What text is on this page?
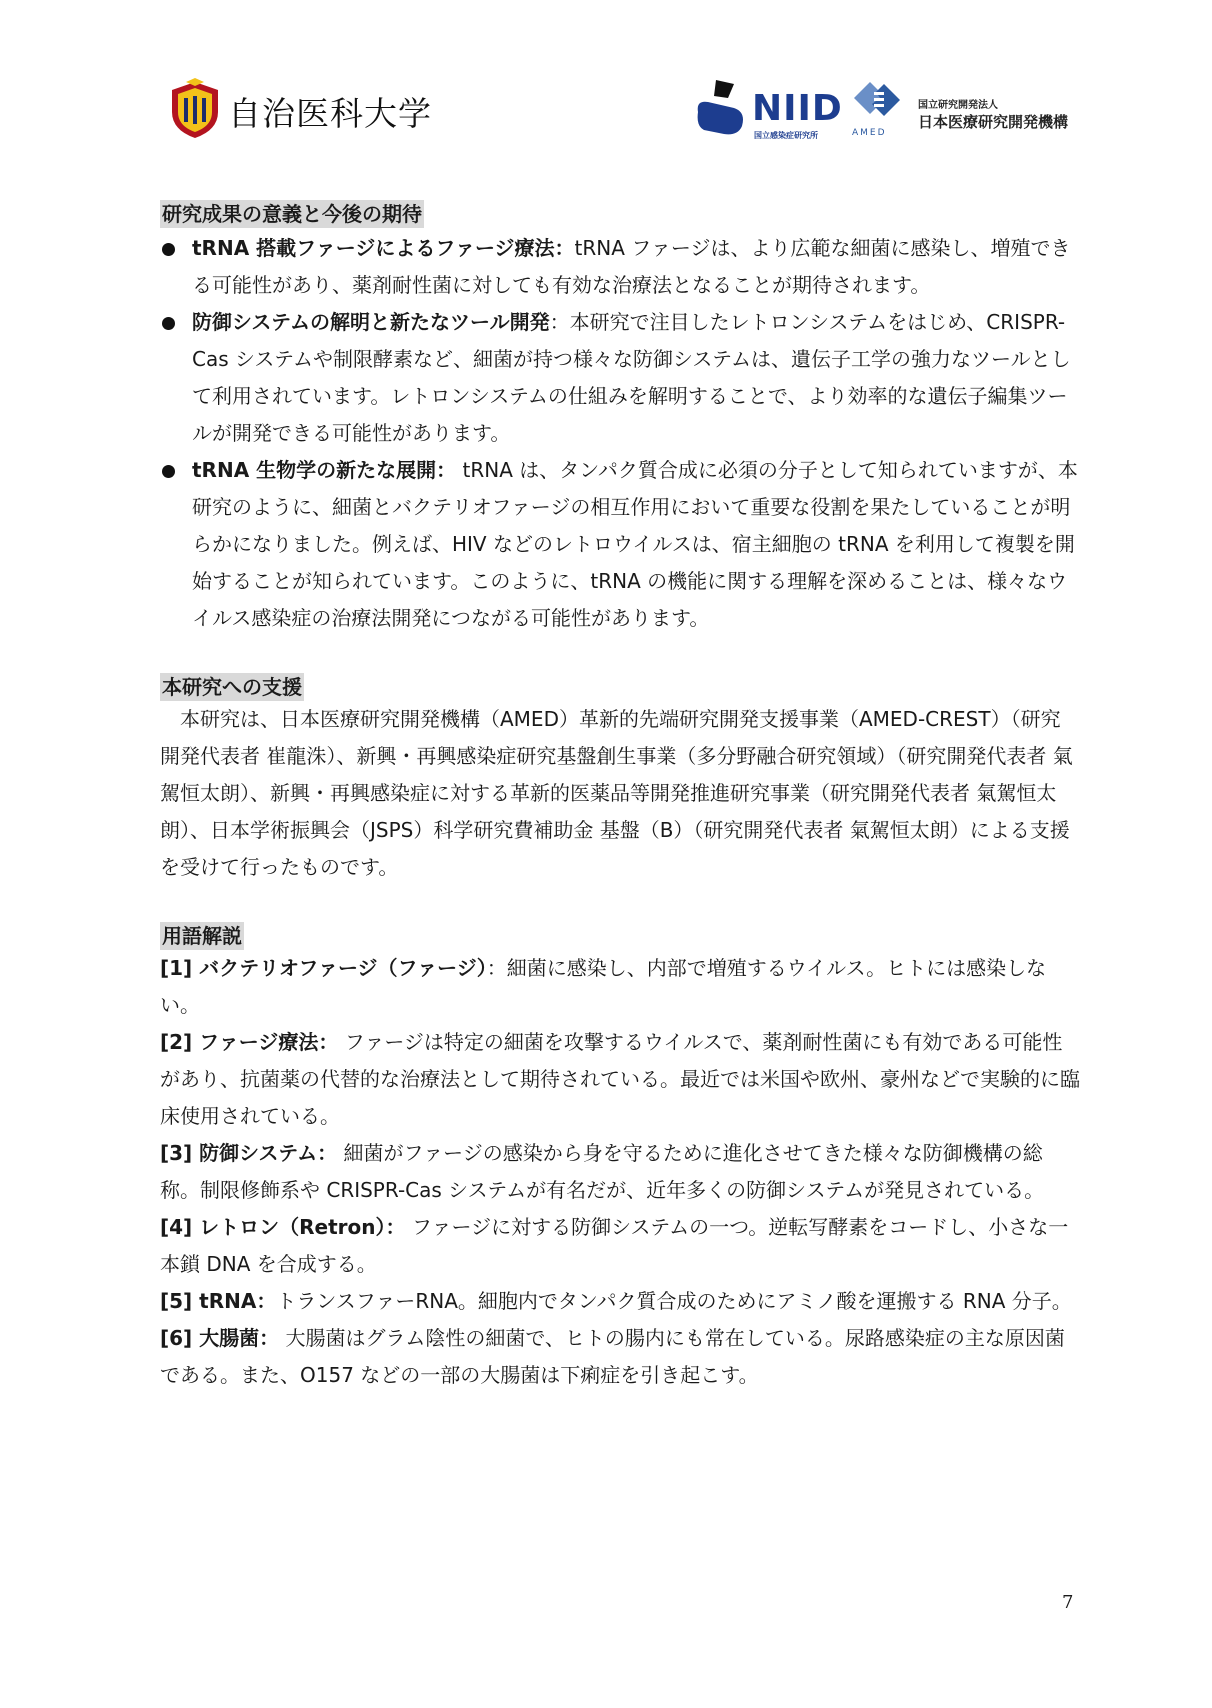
自治医科大学	NIID
国立感染症研究所	AMED
国立研究開発法人
日本医療研究開発機構
研究成果の意義と今後の期待
tRNA 搭載ファージによるファージ療法：tRNA ファージは、より広範な細菌に感染し、増殖できる可能性があり、薬剤耐性菌に対しても有効な治療法となることが期待されます。
防御システムの解明と新たなツール開発：本研究で注目したレトロンシステムをはじめ、CRISPR-Cas システムや制限酵素など、細菌が持つ様々な防御システムは、遺伝子工学の強力なツールとして利用されています。レトロンシステムの仕組みを解明することで、より効率的な遺伝子編集ツールが開発できる可能性があります。
tRNA 生物学の新たな展開： tRNA は、タンパク質合成に必須の分子として知られていますが、本研究のように、細菌とバクテリオファージの相互作用において重要な役割を果たしていることが明らかになりました。例えば、HIV などのレトロウイルスは、宿主細胞の tRNA を利用して複製を開始することが知られています。このように、tRNA の機能に関する理解を深めることは、様々なウイルス感染症の治療法開発につながる可能性があります。
本研究への支援

本研究は、日本医療研究開発機構（AMED）革新的先端研究開発支援事業（AMED-CREST）（研究開発代表者 崔龍洙）、新興・再興感染症研究基盤創生事業（多分野融合研究領域）（研究開発代表者 氣駕恒太朗）、新興・再興感染症に対する革新的医薬品等開発推進研究事業（研究開発代表者 氣駕恒太朗）、日本学術振興会（JSPS）科学研究費補助金 基盤（B）（研究開発代表者 氣駕恒太朗）による支援を受けて行ったものです。

用語解説

[1] バクテリオファージ（ファージ）：細菌に感染し、内部で増殖するウイルス。ヒトには感染しない。

[2] ファージ療法： ファージは特定の細菌を攻撃するウイルスで、薬剤耐性菌にも有効である可能性があり、抗菌薬の代替的な治療法として期待されている。最近では米国や欧州、豪州などで実験的に臨床使用されている。

[3] 防御システム： 細菌がファージの感染から身を守るために進化させてきた様々な防御機構の総称。制限修飾系や CRISPR-Cas システムが有名だが、近年多くの防御システムが発見されている。

[4] レトロン（Retron）： ファージに対する防御システムの一つ。逆転写酵素をコードし、小さな一本鎖 DNA を合成する。

[5] tRNA：トランスファーRNA。細胞内でタンパク質合成のためにアミノ酸を運搬する RNA 分子。

[6] 大腸菌： 大腸菌はグラム陰性の細菌で、ヒトの腸内にも常在している。尿路感染症の主な原因菌である。また、O157 などの一部の大腸菌は下痢症を引き起こす。

7
